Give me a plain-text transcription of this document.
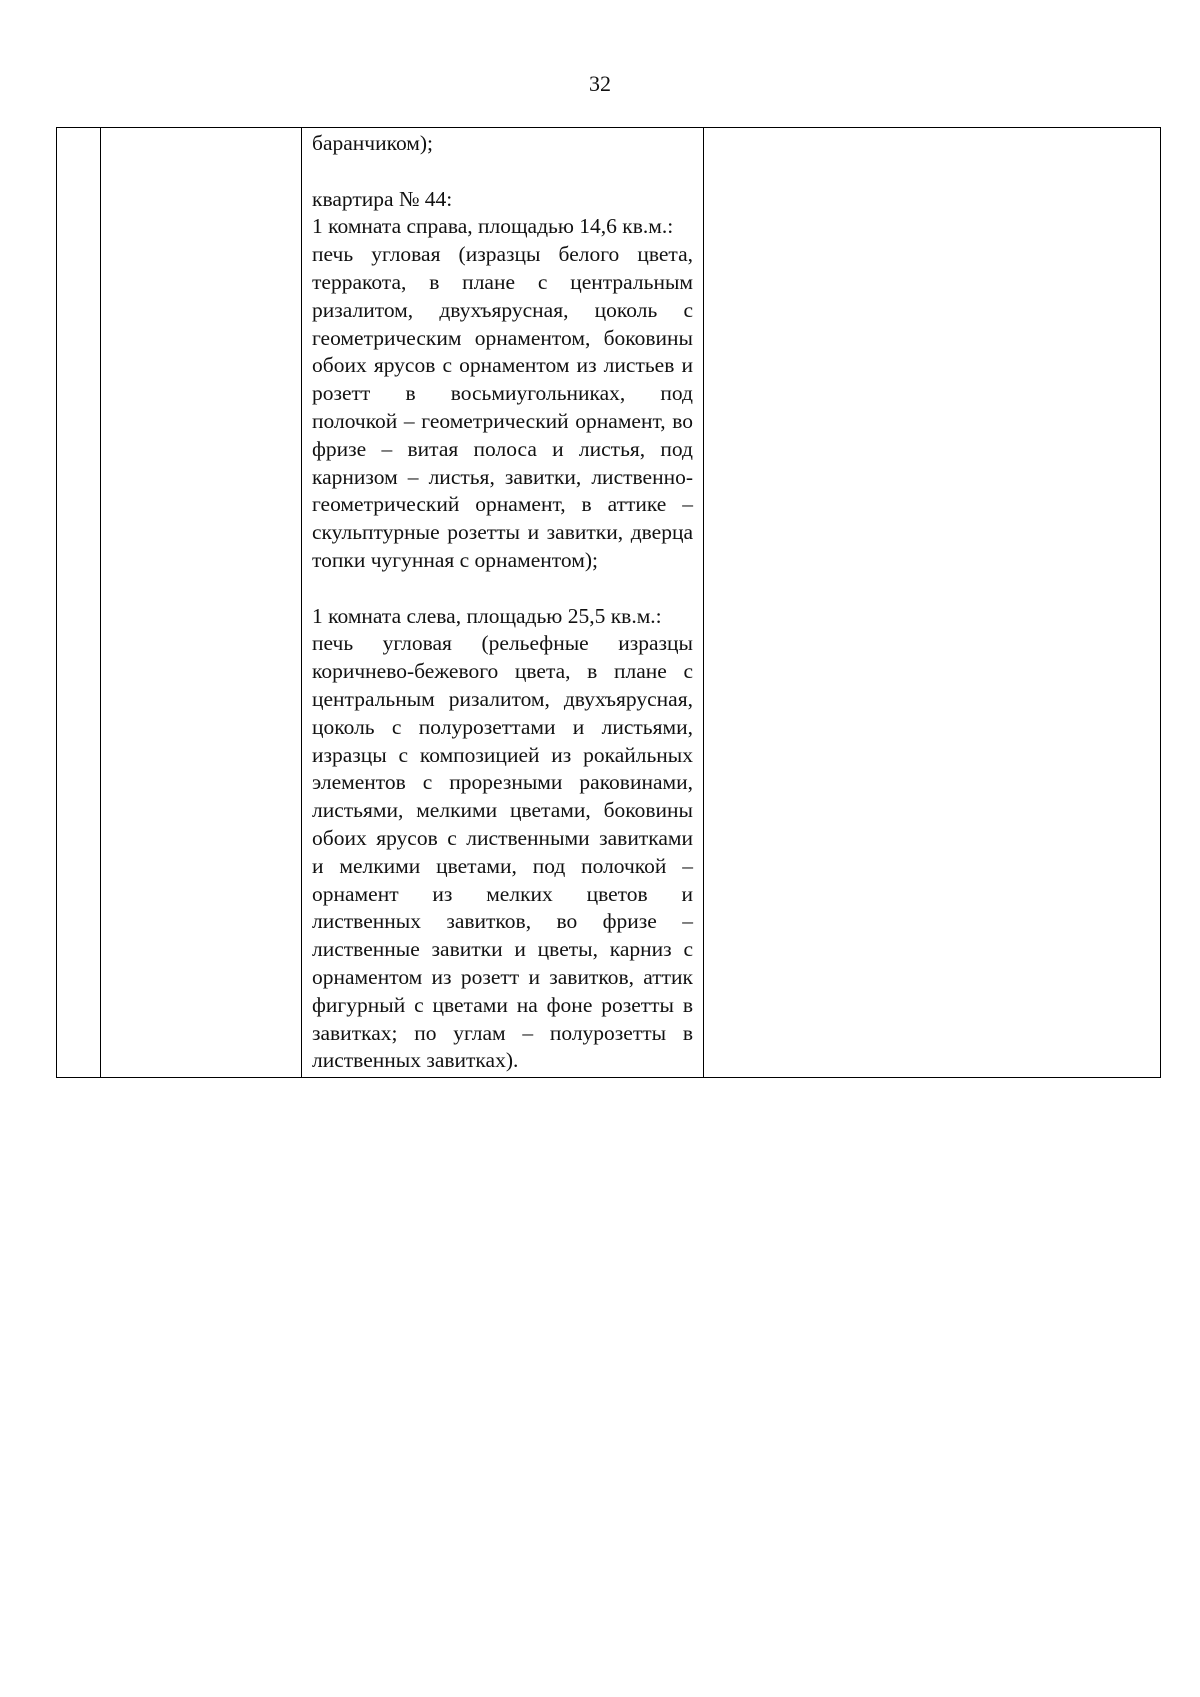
32

баранчиком);

квартира № 44:

1 комната справа, площадью 14,6 кв.м.:

печь угловая (изразцы белого цвета, терракота, в плане с центральным ризалитом, двухъярусная, цоколь с геометрическим орнаментом, боковины обоих ярусов с орнаментом из листьев и розетт в восьмиугольниках, под полочкой – геометрический орнамент, во фризе – витая полоса и листья, под карнизом – листья, завитки, лиственно-геометрический орнамент, в аттике – скульптурные розетты и завитки, дверца топки чугунная с орнаментом);

1 комната слева, площадью 25,5 кв.м.:

печь угловая (рельефные изразцы коричнево-бежевого цвета, в плане с центральным ризалитом, двухъярусная, цоколь с полурозеттами и листьями, изразцы с композицией из рокайльных элементов с прорезными раковинами, листьями, мелкими цветами, боковины обоих ярусов с лиственными завитками и мелкими цветами, под полочкой – орнамент из мелких цветов и лиственных завитков, во фризе – лиственные завитки и цветы, карниз с орнаментом из розетт и завитков, аттик фигурный с цветами на фоне розетты в завитках; по углам – полурозетты в лиственных завитках).
